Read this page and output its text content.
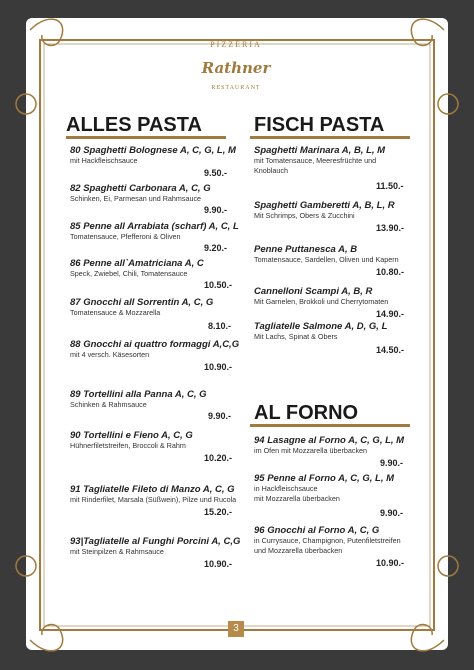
PIZZERIA
Rathner
RESTAURANT
ALLES PASTA
80 Spaghetti Bolognese A, C, G, L, M
mit Hackfleischsauce
9.50.-
82 Spaghetti Carbonara A, C, G
Schinken, Ei, Parmesan und Rahmsauce
9.90.-
85 Penne all Arrabiata (scharf) A, C, L
Tomatensauce, Pfefferoni & Oliven
9.20.-
86 Penne all`Amatriciana A, C
Speck, Zwiebel, Chili, Tomatensauce
10.50.-
87 Gnocchi all Sorrentin A, C, G
Tomatensauce & Mozzarella
8.10.-
88 Gnocchi ai quattro formaggi A,C,G
mit 4 versch. Käsesorten
10.90.-
89 Tortellini alla Panna A, C, G
Schinken & Rahmsauce
9.90.-
90 Tortellini e Fieno A, C, G
Hühnerfiletstreifen, Broccoli & Rahm
10.20.-
91 Tagliatelle Fileto di Manzo A, C, G
mit Rinderfilet, Marsala (Süßwein), Pilze und Rucola
15.20.-
93|Tagliatelle al Funghi Porcini A, C,G
mit Steinpilzen & Rahmsauce
10.90.-
FISCH PASTA
Spaghetti Marinara A, B, L, M
mit Tomatensauce, Meeresfrüchte und
Knoblauch
11.50.-
Spaghetti Gamberetti A, B, L, R
Mit Schrimps, Obers & Zucchini
13.90.-
Penne Puttanesca A, B
Tomatensauce, Sardellen, Oliven und Kapern
10.80.-
Cannelloni Scampi A, B, R
Mit Garnelen, Brokkoli und Cherrytomaten
14.90.-
Tagliatelle Salmone A, D, G, L
Mit Lachs, Spinat & Obers
14.50.-
AL FORNO
94 Lasagne al Forno A, C, G, L, M
im Ofen mit Mozzarella überbacken
9.90.-
95 Penne al Forno A, C, G, L, M
in Hackfleischsauce
mit Mozzarella überbacken
9.90.-
96 Gnocchi al Forno A, C, G
in Currysauce, Champignon, Putenfiletstreifen
und Mozzarella überbacken
10.90.-
3
